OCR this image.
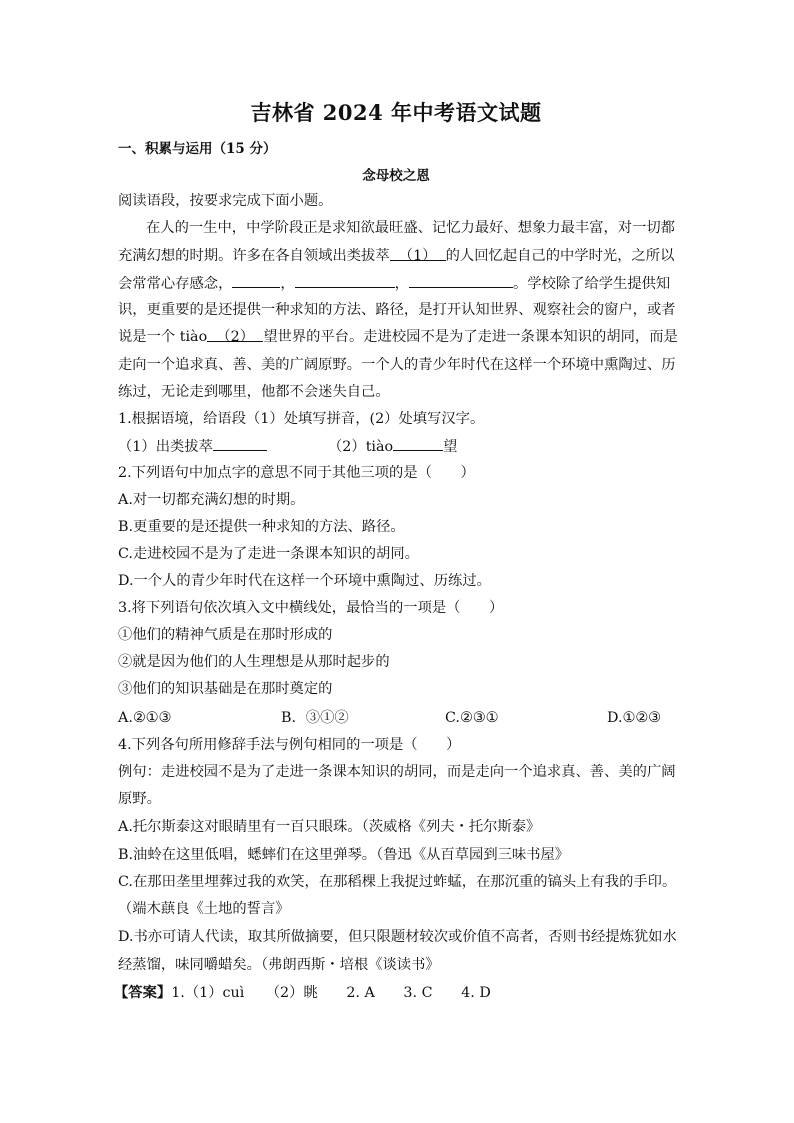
吉林省 2024 年中考语文试题
一、积累与运用（15 分）
念母校之恩
阅读语段，按要求完成下面小题。
在人的一生中，中学阶段正是求知欲最旺盛、记忆力最好、想象力最丰富，对一切都
充满幻想的时期。许多在各自领域出类拔萃 （1） 的人回忆起自己的中学时光，之所以
会常常心存感念，	，	，	。学校除了给学生提供知
识，更重要的是还提供一种求知的方法、路径，是打开认知世界、观察社会的窗户，或者
说是一个 tiào （2） 望世界的平台。走进校园不是为了走进一条课本知识的胡同，而是
走向一个追求真、善、美的广阔原野。一个人的青少年时代在这样一个环境中熏陶过、历
练过，无论走到哪里，他都不会迷失自己。
1.根据语境，给语段（1）处填写拼音，(2）处填写汉字。
（1）出类拔萃	（2）tiào	望
2.下列语句中加点字的意思不同于其他三项的是（　　）
A.对一切都充满幻想的时期。
B.更重要的是还提供一种求知的方法、路径。
C.走进校园不是为了走进一条课本知识的胡同。
D.一个人的青少年时代在这样一个环境中熏陶过、历练过。
3.将下列语句依次填入文中横线处，最恰当的一项是（　　）
①他们的精神气质是在那时形成的
②就是因为他们的人生理想是从那时起步的
③他们的知识基础是在那时奠定的
A.②①③	B．③①②	C.②③①	D.①②③
4.下列各句所用修辞手法与例句相同的一项是（　　）
例句：走进校园不是为了走进一条课本知识的胡同，而是走向一个追求真、善、美的广阔
原野。
A.托尔斯泰这对眼睛里有一百只眼珠。（茨威格《列夫・托尔斯泰》
B.油蛉在这里低唱，蟋蟀们在这里弹琴。（鲁迅《从百草园到三味书屋》
C.在那田垄里埋葬过我的欢笑，在那稻棵上我捉过蚱蜢，在那沉重的镐头上有我的手印。
（端木蕻良《土地的誓言》
D.书亦可请人代读，取其所做摘要，但只限题材较次或价值不高者，否则书经提炼犹如水
经蒸馏，味同嚼蜡矣。（弗朗西斯・培根《谈读书》
【答案】1.（1）cuì　　（2）眺　　2. A　　3. C　　4. D
